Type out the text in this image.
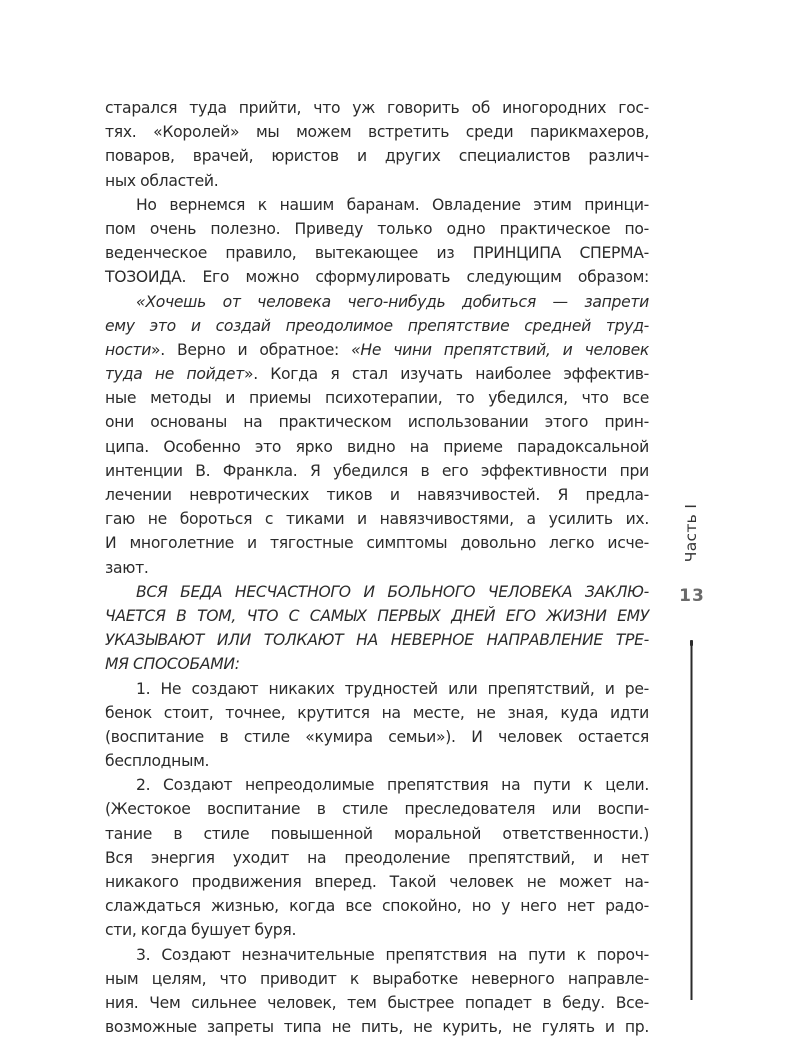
старался туда прийти, что уж говорить об иногородних гос-
тях. «Королей» мы можем встретить среди парикмахеров,
поваров, врачей, юристов и других специалистов различ-
ных областей.
Но вернемся к нашим баранам. Овладение этим принци-
пом очень полезно. Приведу только одно практическое по-
веденческое правило, вытекающее из ПРИНЦИПА СПЕРМА-
ТОЗОИДА. Его можно сформулировать следующим образом:
«Хочешь от человека чего-нибудь добиться — запрети
ему это и создай преодолимое препятствие средней труд-
ности». Верно и обратное: «Не чини препятствий, и человек
туда не пойдет». Когда я стал изучать наиболее эффектив-
ные методы и приемы психотерапии, то убедился, что все
они основаны на практическом использовании этого прин-
ципа. Особенно это ярко видно на приеме парадоксальной
интенции В. Франкла. Я убедился в его эффективности при
лечении невротических тиков и навязчивостей. Я предла-
гаю не бороться с тиками и навязчивостями, а усилить их.
И многолетние и тягостные симптомы довольно легко исче-
зают.
ВСЯ БЕДА НЕСЧАСТНОГО И БОЛЬНОГО ЧЕЛОВЕКА ЗАКЛЮ-
ЧАЕТСЯ В ТОМ, ЧТО С САМЫХ ПЕРВЫХ ДНЕЙ ЕГО ЖИЗНИ ЕМУ
УКАЗЫВАЮТ ИЛИ ТОЛКАЮТ НА НЕВЕРНОЕ НАПРАВЛЕНИЕ ТРЕ-
МЯ СПОСОБАМИ:
1. Не создают никаких трудностей или препятствий, и ре-
бенок стоит, точнее, крутится на месте, не зная, куда идти
(воспитание в стиле «кумира семьи»). И человек остается
бесплодным.
2. Создают непреодолимые препятствия на пути к цели.
(Жестокое воспитание в стиле преследователя или воспи-
тание в стиле повышенной моральной ответственности.)
Вся энергия уходит на преодоление препятствий, и нет
никакого продвижения вперед. Такой человек не может на-
слаждаться жизнью, когда все спокойно, но у него нет радо-
сти, когда бушует буря.
3. Создают незначительные препятствия на пути к пороч-
ным целям, что приводит к выработке неверного направле-
ния. Чем сильнее человек, тем быстрее попадет в беду. Все-
возможные запреты типа не пить, не курить, не гулять и пр.
Часть I
13
